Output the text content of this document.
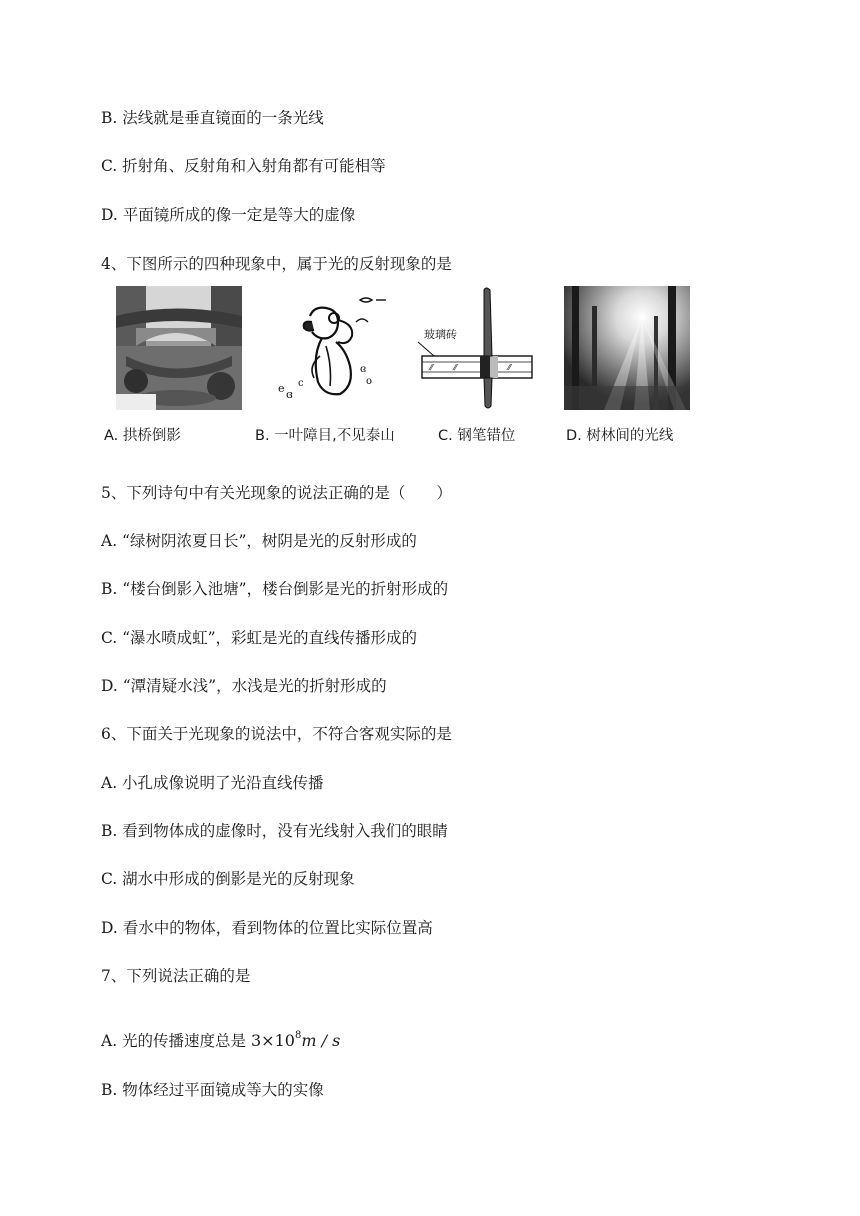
B. 法线就是垂直镜面的一条光线
C. 折射角、反射角和入射角都有可能相等
D. 平面镜所成的像一定是等大的虚像
4、下图所示的四种现象中，属于光的反射现象的是
e ɞ
c
ɞ
o
⁄⁄	⁄⁄	⁄⁄
玻璃砖
A. 拱桥倒影	B. 一叶障目,不见泰山	C. 钢笔错位	D. 树林间的光线
5、下列诗句中有关光现象的说法正确的是（　　）
A. “绿树阴浓夏日长”，树阴是光的反射形成的
B. “楼台倒影入池塘”，楼台倒影是光的折射形成的
C. “瀑水喷成虹”，彩虹是光的直线传播形成的
D. “潭清疑水浅”，水浅是光的折射形成的
6、下面关于光现象的说法中，不符合客观实际的是
A. 小孔成像说明了光沿直线传播
B. 看到物体成的虚像时，没有光线射入我们的眼睛
C. 湖水中形成的倒影是光的反射现象
D. 看水中的物体，看到物体的位置比实际位置高
7、下列说法正确的是
A. 光的传播速度总是 $3\times 10^8m / s$
B. 物体经过平面镜成等大的实像
